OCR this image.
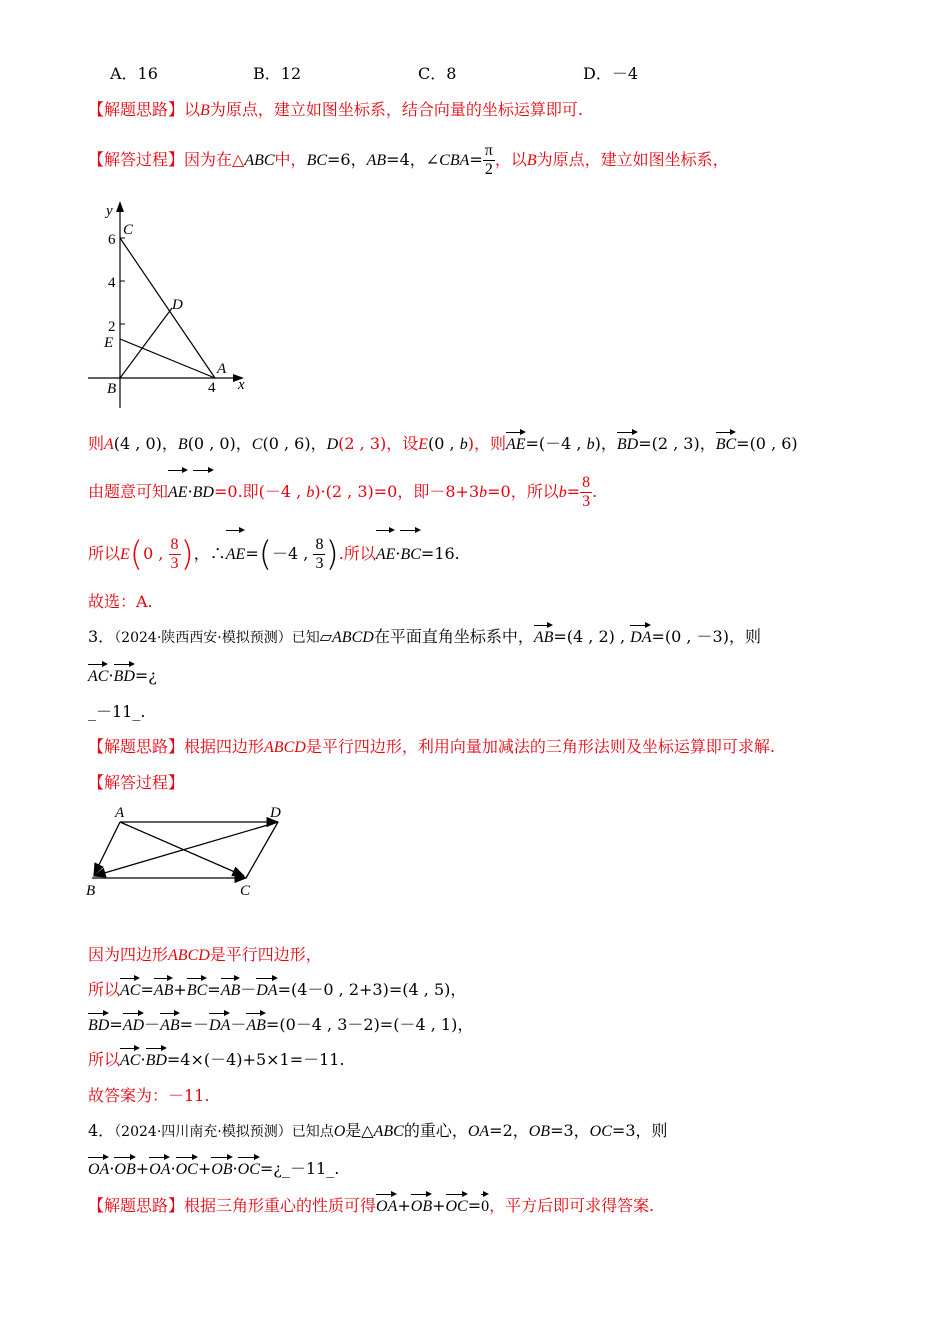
A．16	B．12	C．8	D．－4
【解题思路】以B为原点，建立如图坐标系，结合向量的坐标运算即可.
【解答过程】因为在△ABC中，BC=6，AB=4，∠CBA= $\frac{\pi}{2}$ ，以B为原点，建立如图坐标系，
y
x
6
4
2
4
C
D
E
A
B
则A(4 , 0)，B(0 , 0)，C(0 , 6)，D(2 , 3)，设E(0 , b)，则AE=(－4 , b)，BD=(2 , 3)，BC=(0 , 6)
由题意可知AE·BD=0.即(－4 , b)·(2 , 3)=0，即－8+3b=0，所以$b= \frac{8}{3}$ .
所以E(0 , $\frac{8}{3}$ )，∴AE=(－4 , $\frac{8}{3}$ ).所以AE·BC=16.
故选：A.
3．（2024·陕西西安·模拟预测）已知▱ABCD在平面直角坐标系中，AB=(4 , 2) , DA=(0 , －3)，则
AC·BD=¿
_－11_.
【解题思路】根据四边形ABCD是平行四边形，利用向量加减法的三角形法则及坐标运算即可求解.
【解答过程】
A	D
B	C
因为四边形ABCD是平行四边形，
所以AC=AB+BC=AB－DA=(4－0 , 2+3)=(4 , 5)，
BD=AD－AB=－DA－AB=(0－4 , 3－2)=(－4 , 1)，
所以AC·BD=4×(－4)+5×1=－11.
故答案为：－11.
4．（2024·四川南充·模拟预测）已知点O是△ABC的重心，OA=2，OB=3，OC=3，则
OA·OB+OA·OC+OB·OC=¿_－11_.
【解题思路】根据三角形重心的性质可得OA+OB+OC=0，平方后即可求得答案.
